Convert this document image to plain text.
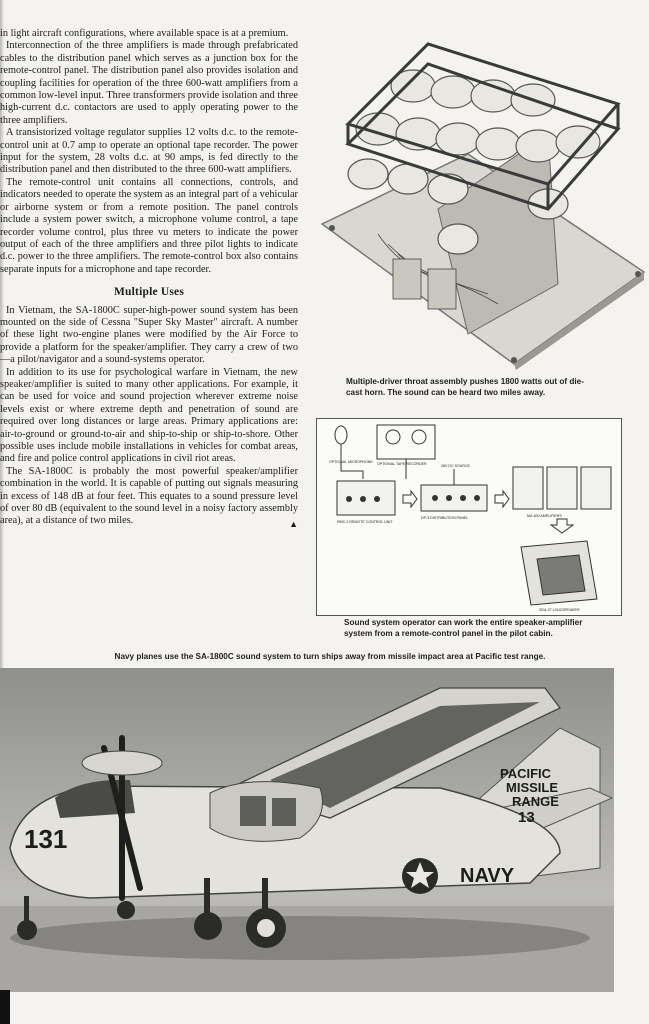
in light aircraft configurations, where available space is at a premium.

Interconnection of the three amplifiers is made through prefabricated cables to the distribution panel which serves as a junction box for the remote-control panel. The distribution panel also provides isolation and coupling facilities for operation of the three 600-watt amplifiers from a common low-level input. Three transformers provide isolation and three high-current d.c. contactors are used to apply operating power to the three amplifiers.

A transistorized voltage regulator supplies 12 volts d.c. to the remote-control unit at 0.7 amp to operate an optional tape recorder. The power input for the system, 28 volts d.c. at 90 amps, is fed directly to the distribution panel and then distributed to the three 600-watt amplifiers.

The remote-control unit contains all connections, controls, and indicators needed to operate the system as an integral part of a vehicular or airborne system or from a remote position. The panel controls include a system power switch, a microphone volume control, a tape recorder volume control, plus three vu meters to indicate the power output of each of the three amplifiers and three pilot lights to indicate d.c. power to the three amplifiers. The remote-control box also contains separate inputs for a microphone and tape recorder.

Multiple Uses

In Vietnam, the SA-1800C super-high-power sound system has been mounted on the side of Cessna "Super Sky Master" aircraft. A number of these light two-engine planes were modified by the Air Force to provide a platform for the speaker/amplifier. They carry a crew of two—a pilot/navigator and a sound-systems operator.

In addition to its use for psychological warfare in Vietnam, the new speaker/amplifier is suited to many other applications. For example, it can be used for voice and sound projection wherever extreme noise levels exist or where extreme depth and penetration of sound are required over long distances or large areas. Primary applications are: air-to-ground or ground-to-air and ship-to-ship or ship-to-shore. Other possible uses include mobile installations in vehicles for combat areas, and fire and police control applications in civil riot areas.

The SA-1800C is probably the most powerful speaker/amplifier combination in the world. It is capable of putting out signals measuring in excess of 148 dB at four feet. This equates to a sound pressure level of over 80 dB (equivalent to the sound level in a noisy factory assembly area), at a distance of two miles.	▲
Multiple-driver throat assembly pushes 1800 watts out of die-cast horn. The sound can be heard two miles away.
OPTIONAL MICROPHONE OPTIONAL TAPE RECORDER	28V DC SOURCE
RMC-2 REMOTE CONTROL UNIT
DP-3 DISTRIBUTION PANEL	MA-600 AMPLIFIERS
SDA-27 LOUDSPEAKER
Sound system operator can work the entire speaker-amplifier system from a remote-control panel in the pilot cabin.
Navy planes use the SA-1800C sound system to turn ships away from missile impact area at Pacific test range.
131
PACIFIC
MISSILE
RANGE
13
NAVY
